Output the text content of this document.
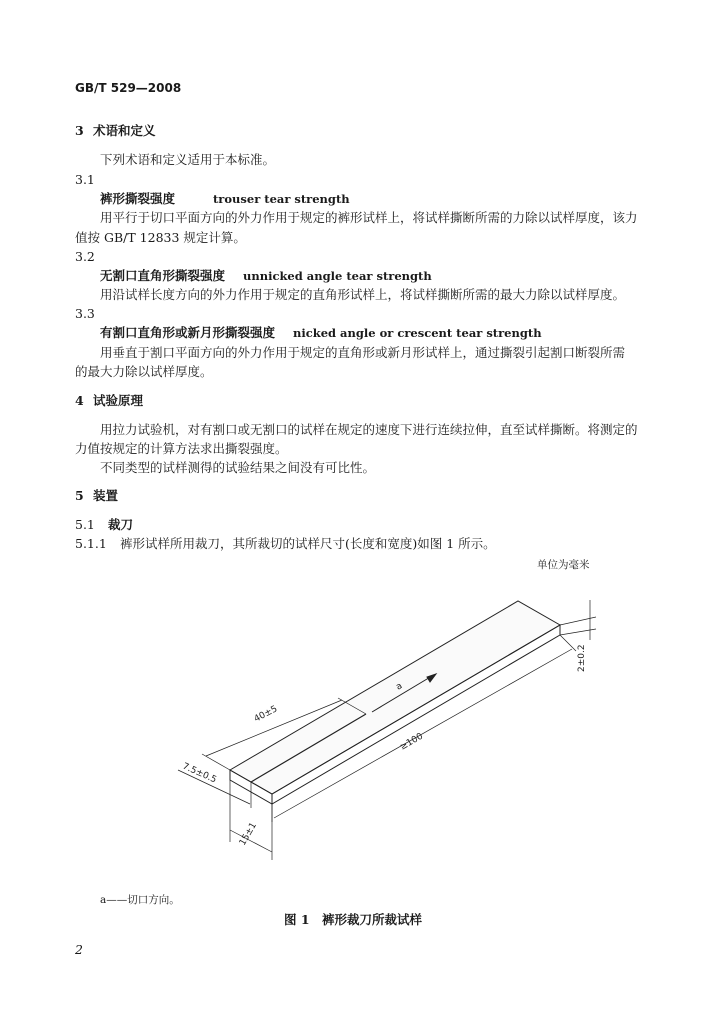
GB/T 529—2008
3 术语和定义
下列术语和定义适用于本标准。
3.1
裤形撕裂强度	trouser tear strength
用平行于切口平面方向的外力作用于规定的裤形试样上，将试样撕断所需的力除以试样厚度，该力
值按 GB/T 12833 规定计算。
3.2
无割口直角形撕裂强度 unnicked angle tear strength
用沿试样长度方向的外力作用于规定的直角形试样上，将试样撕断所需的最大力除以试样厚度。
3.3
有割口直角形或新月形撕裂强度 nicked angle or crescent tear strength
用垂直于割口平面方向的外力作用于规定的直角形或新月形试样上，通过撕裂引起割口断裂所需
的最大力除以试样厚度。
4 试验原理
用拉力试验机，对有割口或无割口的试样在规定的速度下进行连续拉伸，直至试样撕断。将测定的
力值按规定的计算方法求出撕裂强度。
不同类型的试样测得的试验结果之间没有可比性。
5 装置
5.1 裁刀
5.1.1 裤形试样所用裁刀，其所裁切的试样尺寸(长度和宽度)如图 1 所示。
单位为毫米
40±5
≥100
2±0.2
15±1
7.5±0.5
a
a——切口方向。
图 1　裤形裁刀所裁试样
2
